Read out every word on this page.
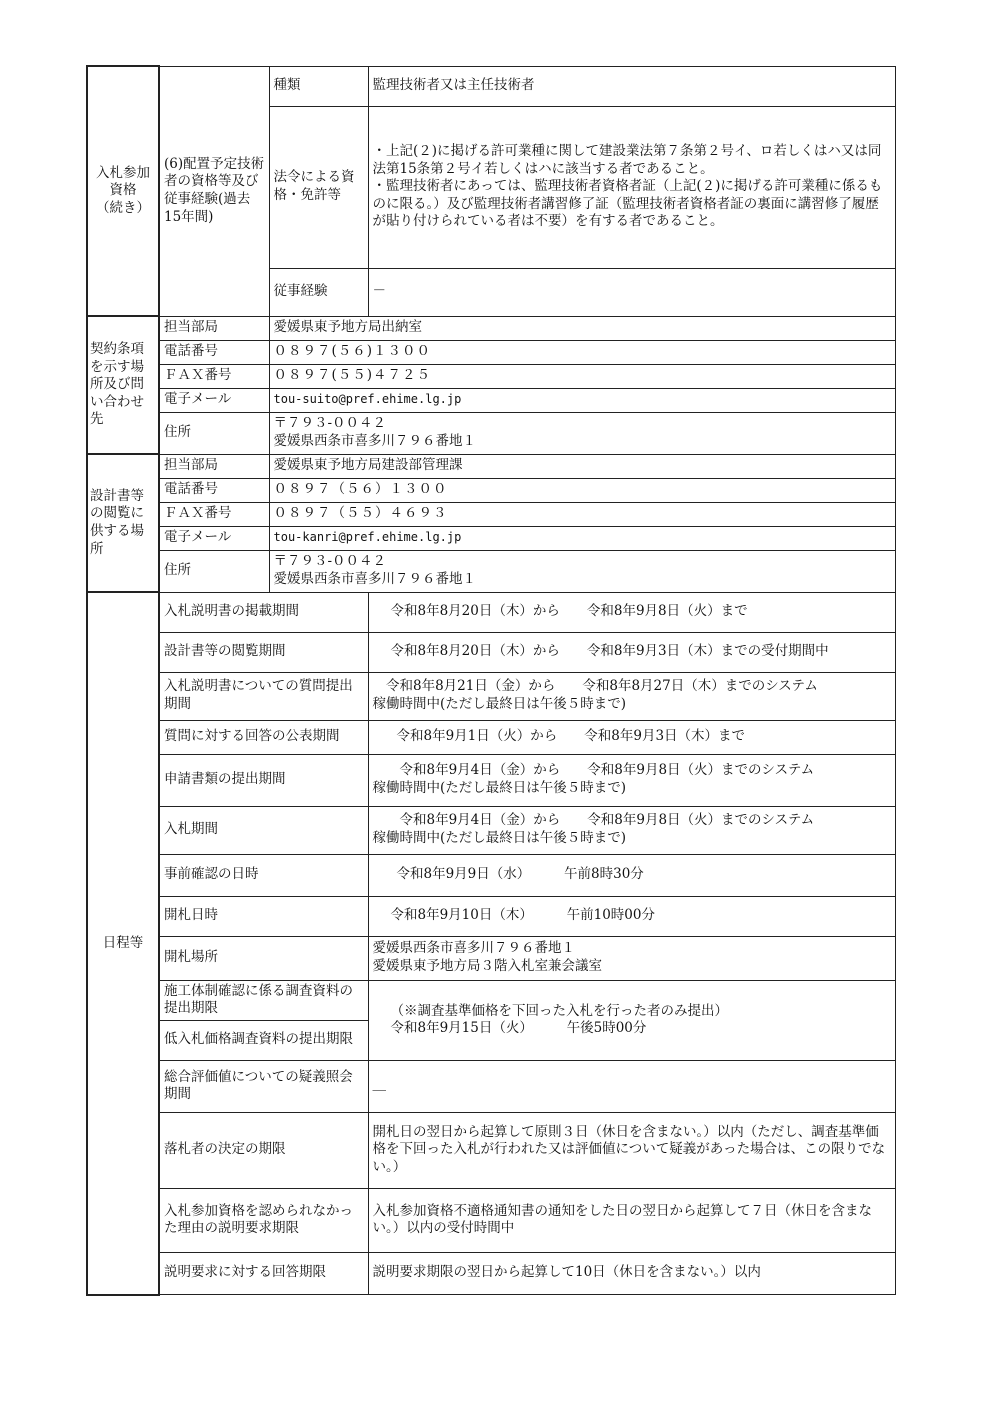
入札参加
資格
（続き）	(6)配置予定技術者の資格等及び従事経験(過去15年間)	種類	監理技術者又は主任技術者
		法令による資格・免許等	・上記(２)に掲げる許可業種に関して建設業法第７条第２号イ、ロ若しくはハ又は同法第15条第２号イ若しくはハに該当する者であること。
・監理技術者にあっては、監理技術者資格者証（上記(２)に掲げる許可業種に係るものに限る。）及び監理技術者講習修了証（監理技術者資格者証の裏面に講習修了履歴が貼り付けられている者は不要）を有する者であること。
		従事経験	－
契約条項を示す場所及び問い合わせ先	担当部局	愛媛県東予地方局出納室	
	電話番号	０８９７(５６)１３００	
	ＦＡＸ番号	０８９７(５５)４７２５	
	電子メール	tou-suito@pref.ehime.lg.jp	
	住所	〒７９３-００４２
愛媛県西条市喜多川７９６番地１	
設計書等の閲覧に供する場所	担当部局	愛媛県東予地方局建設部管理課	
	電話番号	０８９７（５６）１３００	
	ＦＡＸ番号	０８９７（５５）４６９３	
	電子メール	tou-kanri@pref.ehime.lg.jp	
	住所	〒７９３-００４２
愛媛県西条市喜多川７９６番地１	
日程等	入札説明書の掲載期間		令和8年8月20日（木）から　　令和8年9月8日（火）まで
	設計書等の閲覧期間		令和8年8月20日（木）から　　令和8年9月3日（木）までの受付期間中
	入札説明書についての質問提出期間		　令和8年8月21日（金）から　　令和8年8月27日（木）までのシステム
稼働時間中(ただし最終日は午後５時まで)
	質問に対する回答の公表期間		令和8年9月1日（火）から　　令和8年9月3日（木）まで
	申請書類の提出期間		　　令和8年9月4日（金）から　　令和8年9月8日（火）までのシステム
稼働時間中(ただし最終日は午後５時まで)
	入札期間		　　令和8年9月4日（金）から　　令和8年9月8日（火）までのシステム
稼働時間中(ただし最終日は午後５時まで)
	事前確認の日時		令和8年9月9日（水）　　　午前8時30分
	開札日時		令和8年9月10日（木）　　　午前10時00分
	開札場所		愛媛県西条市喜多川７９６番地１
愛媛県東予地方局３階入札室兼会議室
	施工体制確認に係る調査資料の提出期限		（※調査基準価格を下回った入札を行った者のみ提出）
令和8年9月15日（火）　　　午後5時00分
	低入札価格調査資料の提出期限		
	総合評価値についての疑義照会期間		＿
	落札者の決定の期限		開札日の翌日から起算して原則３日（休日を含まない。）以内（ただし、調査基準価格を下回った入札が行われた又は評価値について疑義があった場合は、この限りでない。）
	入札参加資格を認められなかった理由の説明要求期限		入札参加資格不適格通知書の通知をした日の翌日から起算して７日（休日を含まない。）以内の受付時間中
	説明要求に対する回答期限		説明要求期限の翌日から起算して10日（休日を含まない。）以内
